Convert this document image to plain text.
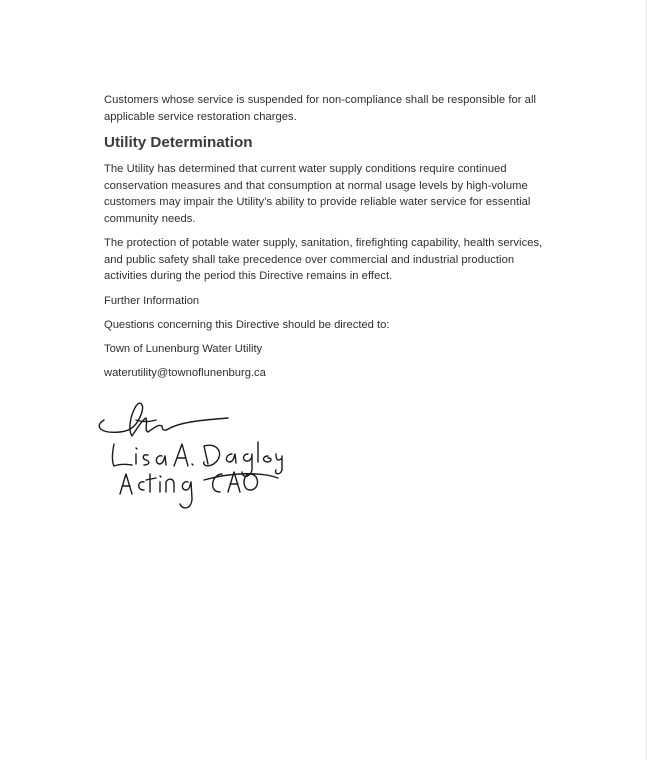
Customers whose service is suspended for non-compliance shall be responsible for all applicable service restoration charges.

Utility Determination

The Utility has determined that current water supply conditions require continued conservation measures and that consumption at normal usage levels by high-volume customers may impair the Utility’s ability to provide reliable water service for essential community needs.

The protection of potable water supply, sanitation, firefighting capability, health services, and public safety shall take precedence over commercial and industrial production activities during the period this Directive remains in effect.

Further Information
Questions concerning this Directive should be directed to:
Town of Lunenburg Water Utility
waterutility@townoflunenburg.ca
